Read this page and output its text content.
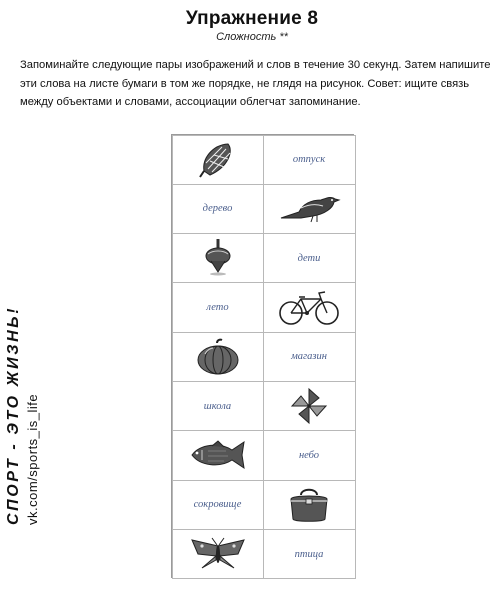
Упражнение 8
Сложность **
Запоминайте следующие пары изображений и слов в течение 30 секунд. Затем напишите эти слова на листе бумаги в том же порядке, не глядя на рисунок. Совет: ищите связь между объектами и словами, ассоциации облегчат запоминание.
СПОРТ - ЭТО ЖИЗНЬ! vk.com/sports_is_life
отпуск
дерево
дети
лето
магазин
школа
небо
сокровище
птица
